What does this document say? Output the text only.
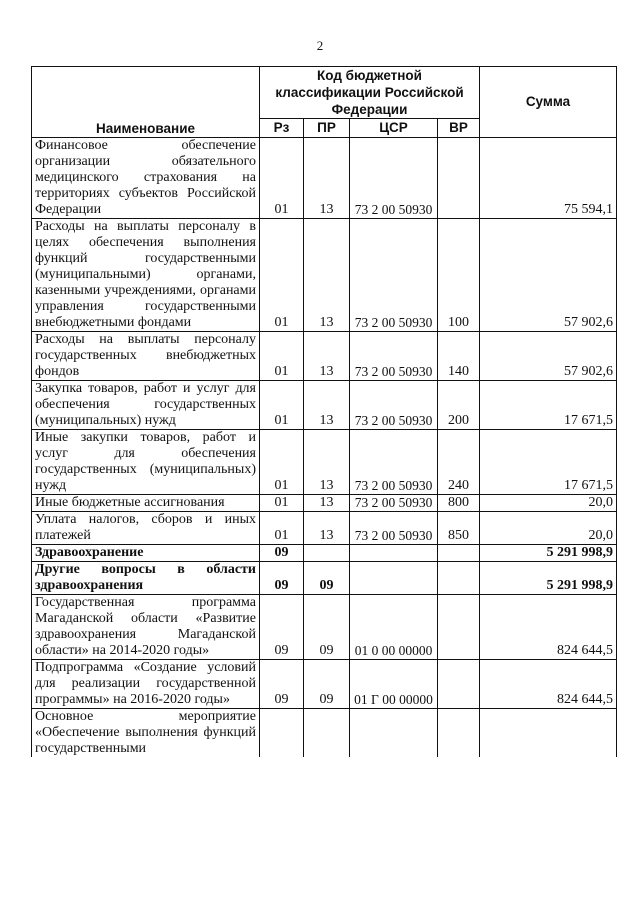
2
Наименование	Код бюджетной классификации Российской Федерации				Сумма
	Рз	ПР	ЦСР	ВР	
Финансовое обеспечение организации обязательного медицинского страхования на территориях субъектов Российской Федерации	01	13	73 2 00 50930		75 594,1
Расходы на выплаты персоналу в целях обеспечения выполнения функций государственными (муниципальными) органами, казенными учреждениями, органами управления государственными внебюджетными фондами	01	13	73 2 00 50930	100	57 902,6
Расходы на выплаты персоналу государственных внебюджетных фондов	01	13	73 2 00 50930	140	57 902,6
Закупка товаров, работ и услуг для обеспечения государственных (муниципальных) нужд	01	13	73 2 00 50930	200	17 671,5
Иные закупки товаров, работ и услуг для обеспечения государственных (муниципальных) нужд	01	13	73 2 00 50930	240	17 671,5
Иные бюджетные ассигнования	01	13	73 2 00 50930	800	20,0
Уплата налогов, сборов и иных платежей	01	13	73 2 00 50930	850	20,0
Здравоохранение	09				5 291 998,9
Другие вопросы в области здравоохранения	09	09			5 291 998,9
Государственная программа Магаданской области «Развитие здравоохранения Магаданской области» на 2014-2020 годы»	09	09	01 0 00 00000		824 644,5
Подпрограмма «Создание условий для реализации государственной программы» на 2016-2020 годы»	09	09	01 Г 00 00000		824 644,5
Основное мероприятие «Обеспечение выполнения функций государственными					
